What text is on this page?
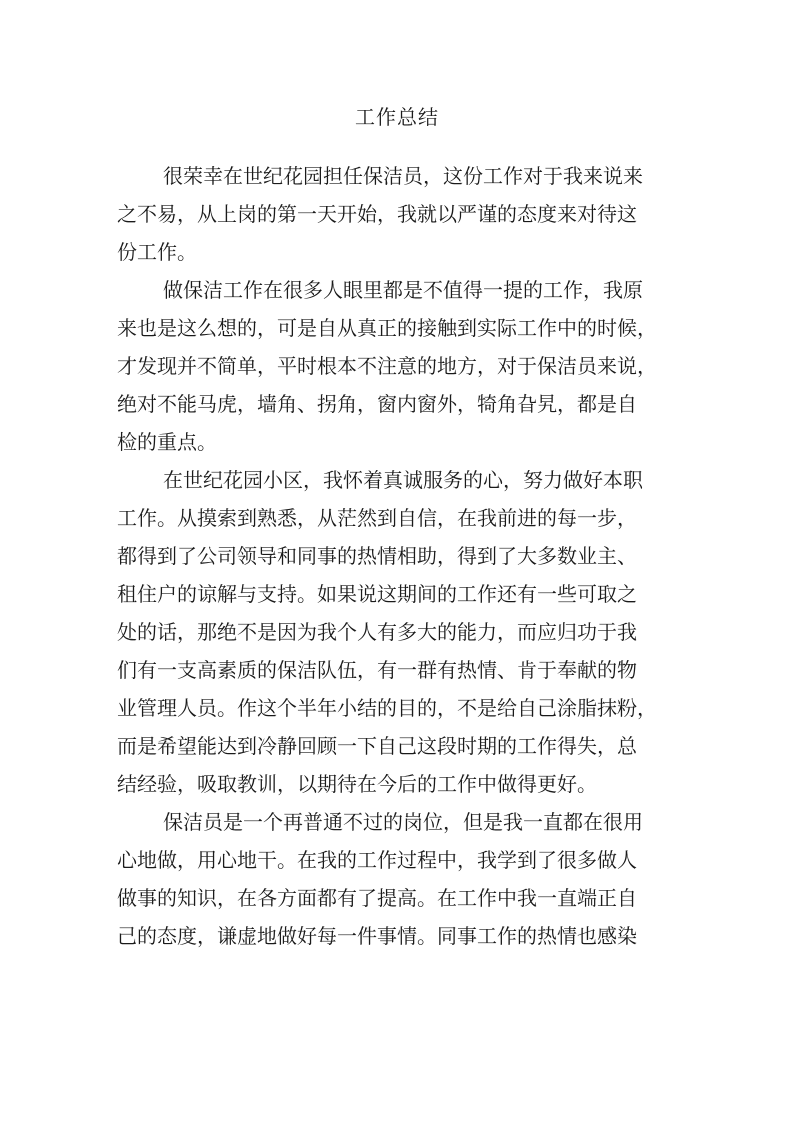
工作总结
很荣幸在世纪花园担任保洁员，这份工作对于我来说来
之不易，从上岗的第一天开始，我就以严谨的态度来对待这
份工作。
做保洁工作在很多人眼里都是不值得一提的工作，我原
来也是这么想的，可是自从真正的接触到实际工作中的时候，
才发现并不简单，平时根本不注意的地方，对于保洁员来说，
绝对不能马虎，墙角、拐角，窗内窗外，犄角旮旯，都是自
检的重点。
在世纪花园小区，我怀着真诚服务的心，努力做好本职
工作。从摸索到熟悉，从茫然到自信，在我前进的每一步，
都得到了公司领导和同事的热情相助，得到了大多数业主、
租住户的谅解与支持。如果说这期间的工作还有一些可取之
处的话，那绝不是因为我个人有多大的能力，而应归功于我
们有一支高素质的保洁队伍，有一群有热情、肯于奉献的物
业管理人员。作这个半年小结的目的，不是给自己涂脂抹粉，
而是希望能达到冷静回顾一下自己这段时期的工作得失，总
结经验，吸取教训，以期待在今后的工作中做得更好。
保洁员是一个再普通不过的岗位，但是我一直都在很用
心地做，用心地干。在我的工作过程中，我学到了很多做人
做事的知识，在各方面都有了提高。在工作中我一直端正自
己的态度，谦虚地做好每一件事情。同事工作的热情也感染
